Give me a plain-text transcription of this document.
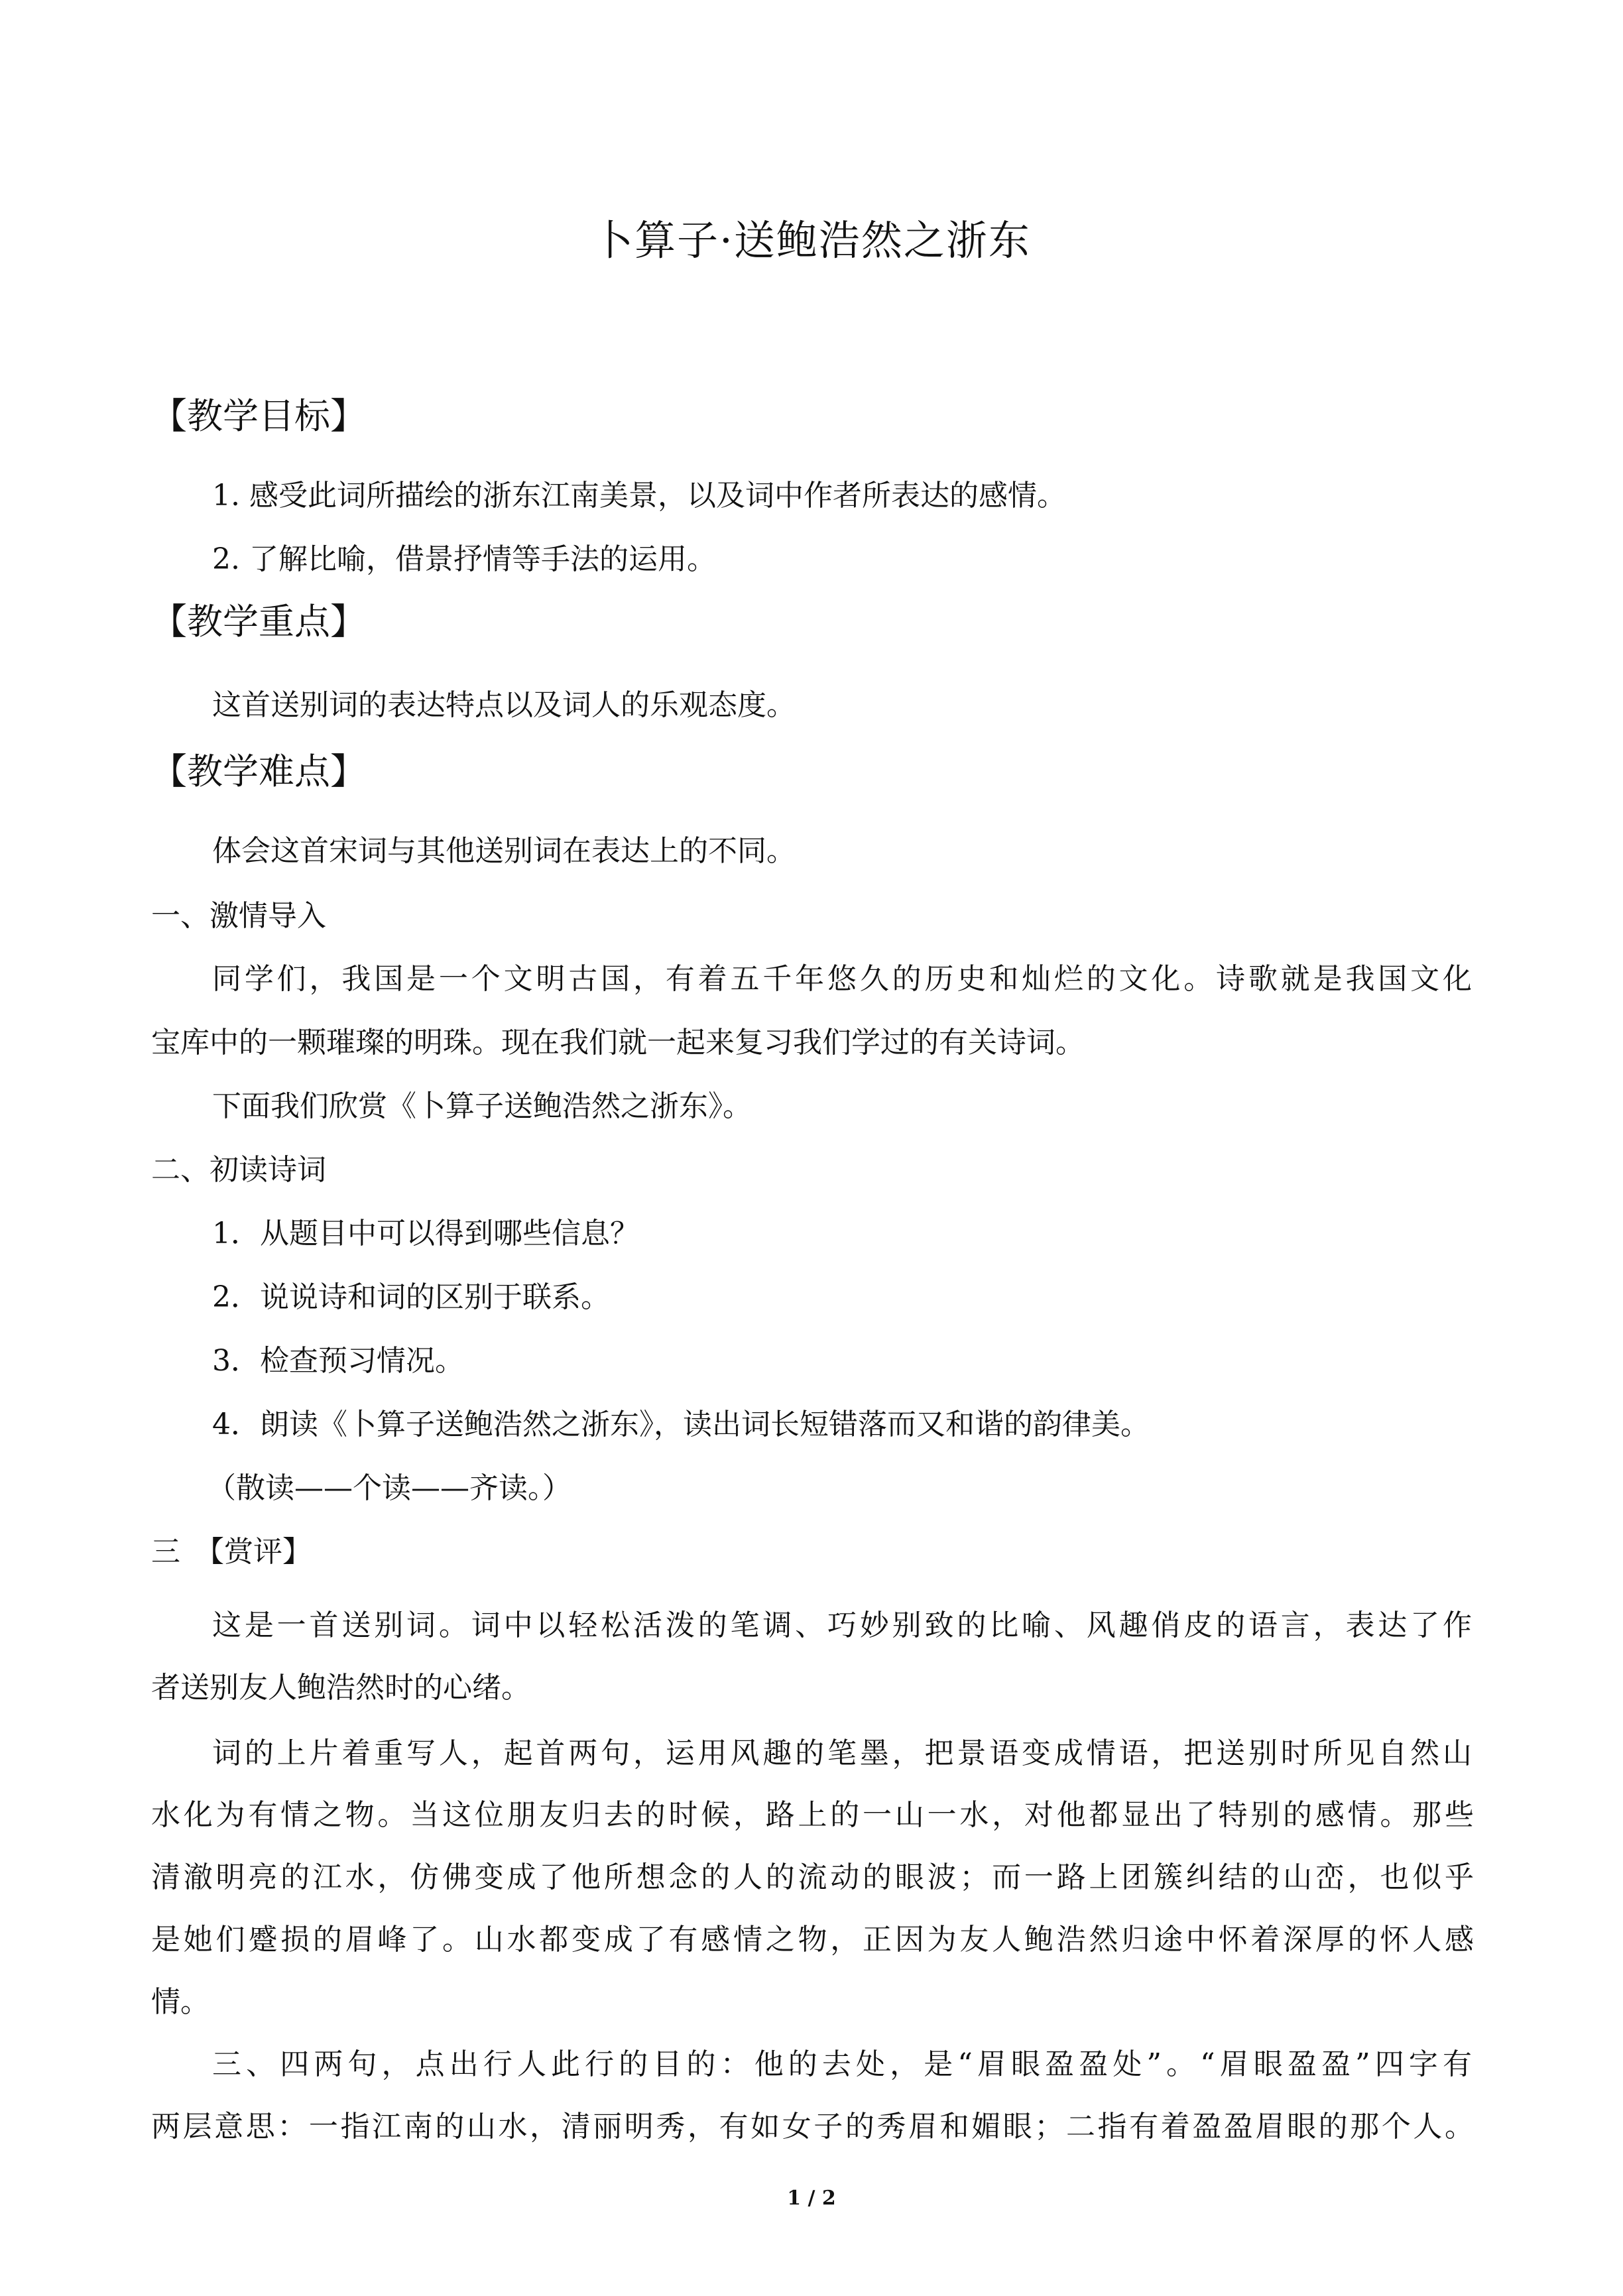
卜算子·送鲍浩然之浙东
【教学目标】
1. 感受此词所描绘的浙东江南美景，以及词中作者所表达的感情。
2. 了解比喻，借景抒情等手法的运用。
【教学重点】
这首送别词的表达特点以及词人的乐观态度。
【教学难点】
体会这首宋词与其他送别词在表达上的不同。
一、激情导入
同学们，我国是一个文明古国，有着五千年悠久的历史和灿烂的文化。诗歌就是我国文化
宝库中的一颗璀璨的明珠。现在我们就一起来复习我们学过的有关诗词。
下面我们欣赏《卜算子送鲍浩然之浙东》。
二、初读诗词
1．从题目中可以得到哪些信息？
2．说说诗和词的区别于联系。
3．检查预习情况。
4．朗读《卜算子送鲍浩然之浙东》，读出词长短错落而又和谐的韵律美。
（散读——个读——齐读。）
三　【赏评】
这是一首送别词。词中以轻松活泼的笔调、巧妙别致的比喻、风趣俏皮的语言，表达了作
者送别友人鲍浩然时的心绪。
词的上片着重写人，起首两句，运用风趣的笔墨，把景语变成情语，把送别时所见自然山
水化为有情之物。当这位朋友归去的时候，路上的一山一水，对他都显出了特别的感情。那些
清澈明亮的江水，仿佛变成了他所想念的人的流动的眼波；而一路上团簇纠结的山峦，也似乎
是她们蹙损的眉峰了。山水都变成了有感情之物，正因为友人鲍浩然归途中怀着深厚的怀人感
情。
三、四两句，点出行人此行的目的：他的去处，是“眉眼盈盈处”。“眉眼盈盈”四字有
两层意思：一指江南的山水，清丽明秀，有如女子的秀眉和媚眼；二指有着盈盈眉眼的那个人。
1 / 2
